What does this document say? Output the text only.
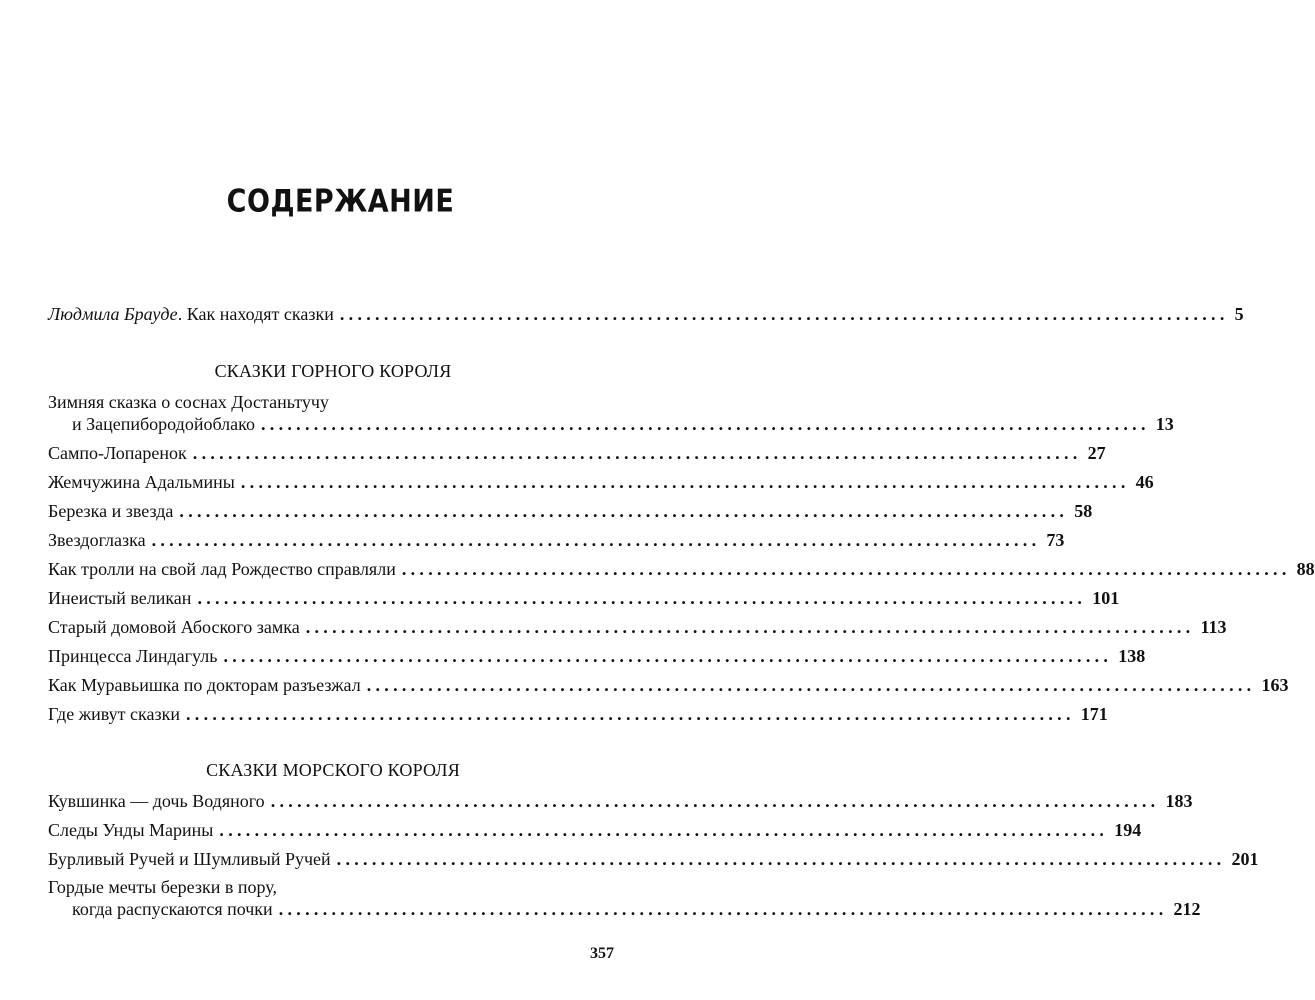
СОДЕРЖАНИЕ
Людмила Брауде. Как находят сказки ..................................................................................................... 5
СКАЗКИ ГОРНОГО КОРОЛЯ
Зимняя сказка о соснах Достаньтучу
и Зацепибородойоблако ..................................................................................................... 13
Сампо-Лопаренок ..................................................................................................... 27
Жемчужина Адальмины ..................................................................................................... 46
Березка и звезда ..................................................................................................... 58
Звездоглазка ..................................................................................................... 73
Как тролли на свой лад Рождество справляли ..................................................................................................... 88
Инеистый великан ..................................................................................................... 101
Старый домовой Абоского замка ..................................................................................................... 113
Принцесса Линдагуль ..................................................................................................... 138
Как Муравьишка по докторам разъезжал ..................................................................................................... 163
Где живут сказки ..................................................................................................... 171
СКАЗКИ МОРСКОГО КОРОЛЯ
Кувшинка — дочь Водяного ..................................................................................................... 183
Следы Унды Марины ..................................................................................................... 194
Бурливый Ручей и Шумливый Ручей ..................................................................................................... 201
Гордые мечты березки в пору,
когда распускаются почки ..................................................................................................... 212
357
